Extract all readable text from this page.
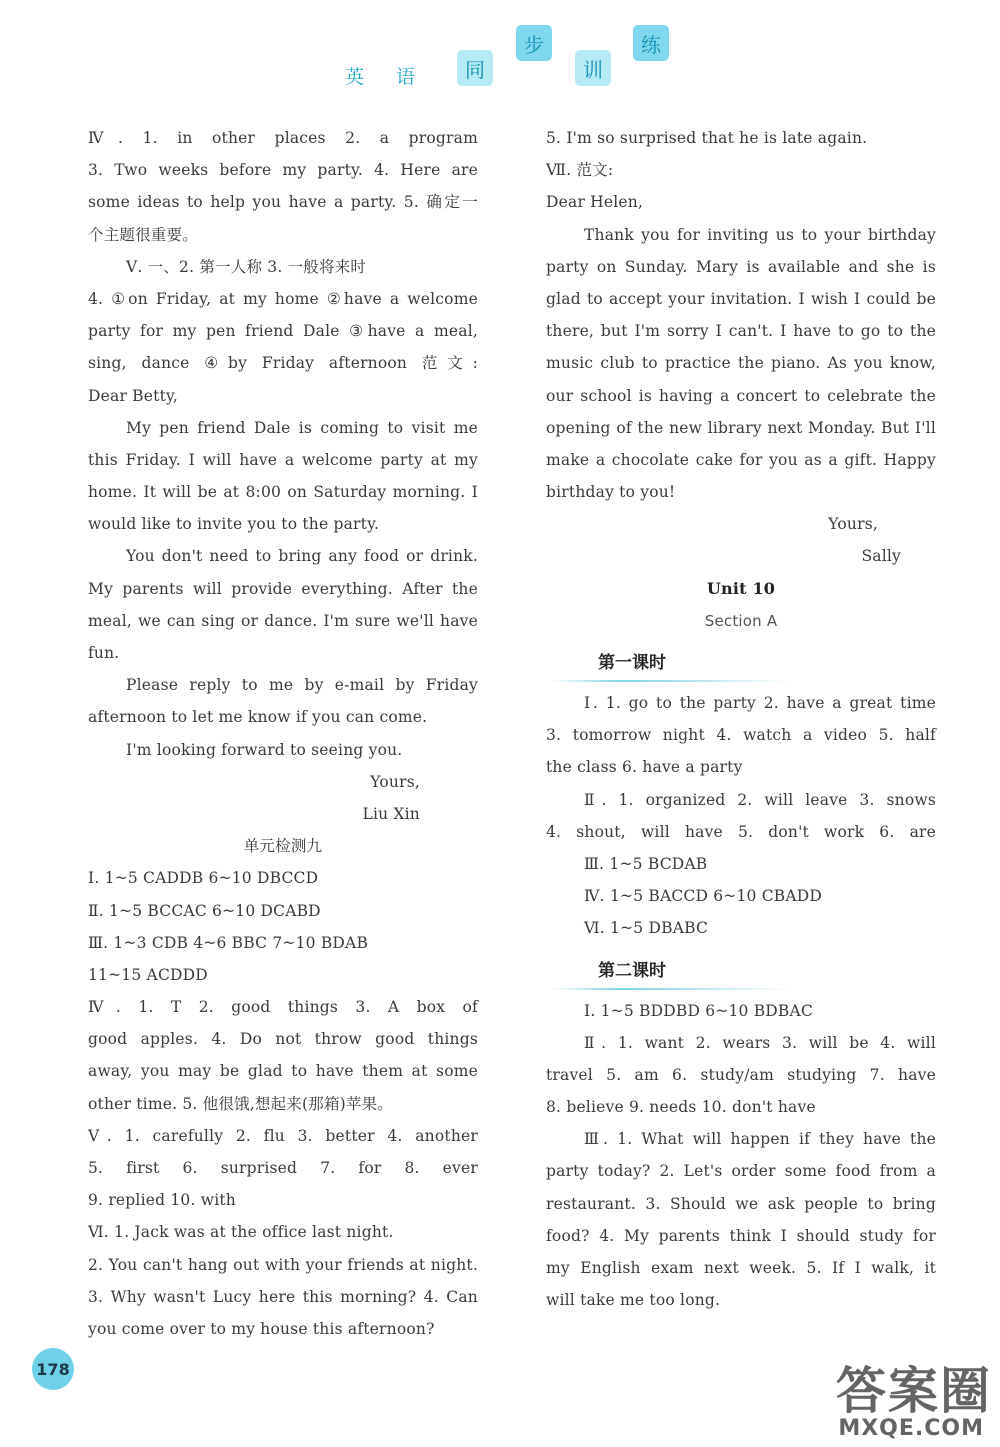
英 语	同
步
训
练
Ⅳ. 1. in other places 2. a program
3. Two weeks before my party. 4. Here are
some ideas to help you have a party. 5. 确定一
个主题很重要。
Ⅴ. 一、2. 第一人称 3. 一般将来时
4. ①on Friday, at my home ②have a welcome
party for my pen friend Dale ③have a meal,
sing, dance ④by Friday afternoon 范文:
Dear Betty,
My pen friend Dale is coming to visit me
this Friday. I will have a welcome party at my
home. It will be at 8:00 on Saturday morning. I
would like to invite you to the party.
You don't need to bring any food or drink.
My parents will provide everything. After the
meal, we can sing or dance. I'm sure we'll have
fun.
Please reply to me by e-mail by Friday
afternoon to let me know if you can come.
I'm looking forward to seeing you.
Yours,
Liu Xin
单元检测九
Ⅰ. 1~5 CADDB 6~10 DBCCD
Ⅱ. 1~5 BCCAC 6~10 DCABD
Ⅲ. 1~3 CDB 4~6 BBC 7~10 BDAB
11~15 ACDDD
Ⅳ. 1. T 2. good things 3. A box of
good apples. 4. Do not throw good things
away, you may be glad to have them at some
other time. 5. 他很饿,想起来(那箱)苹果。
Ⅴ. 1. carefully 2. flu 3. better 4. another
5. first 6. surprised 7. for 8. ever
9. replied 10. with
Ⅵ. 1. Jack was at the office last night.
2. You can't hang out with your friends at night.
3. Why wasn't Lucy here this morning? 4. Can
you come over to my house this afternoon?
5. I'm so surprised that he is late again.
Ⅶ. 范文:
Dear Helen,
Thank you for inviting us to your birthday
party on Sunday. Mary is available and she is
glad to accept your invitation. I wish I could be
there, but I'm sorry I can't. I have to go to the
music club to practice the piano. As you know,
our school is having a concert to celebrate the
opening of the new library next Monday. But I'll
make a chocolate cake for you as a gift. Happy
birthday to you!
Yours,
Sally
Unit 10
Section A
第一课时
Ⅰ. 1. go to the party 2. have a great time
3. tomorrow night 4. watch a video 5. half
the class 6. have a party
Ⅱ. 1. organized 2. will leave 3. snows
4. shout, will have 5. don't work 6. are
Ⅲ. 1~5 BCDAB
Ⅳ. 1~5 BACCD 6~10 CBADD
Ⅵ. 1~5 DBABC
第二课时
Ⅰ. 1~5 BDDBD 6~10 BDBAC
Ⅱ. 1. want 2. wears 3. will be 4. will
travel 5. am 6. study/am studying 7. have
8. believe 9. needs 10. don't have
Ⅲ. 1. What will happen if they have the
party today? 2. Let's order some food from a
restaurant. 3. Should we ask people to bring
food? 4. My parents think I should study for
my English exam next week. 5. If I walk, it
will take me too long.
178	答案圈
MXQE.COM
